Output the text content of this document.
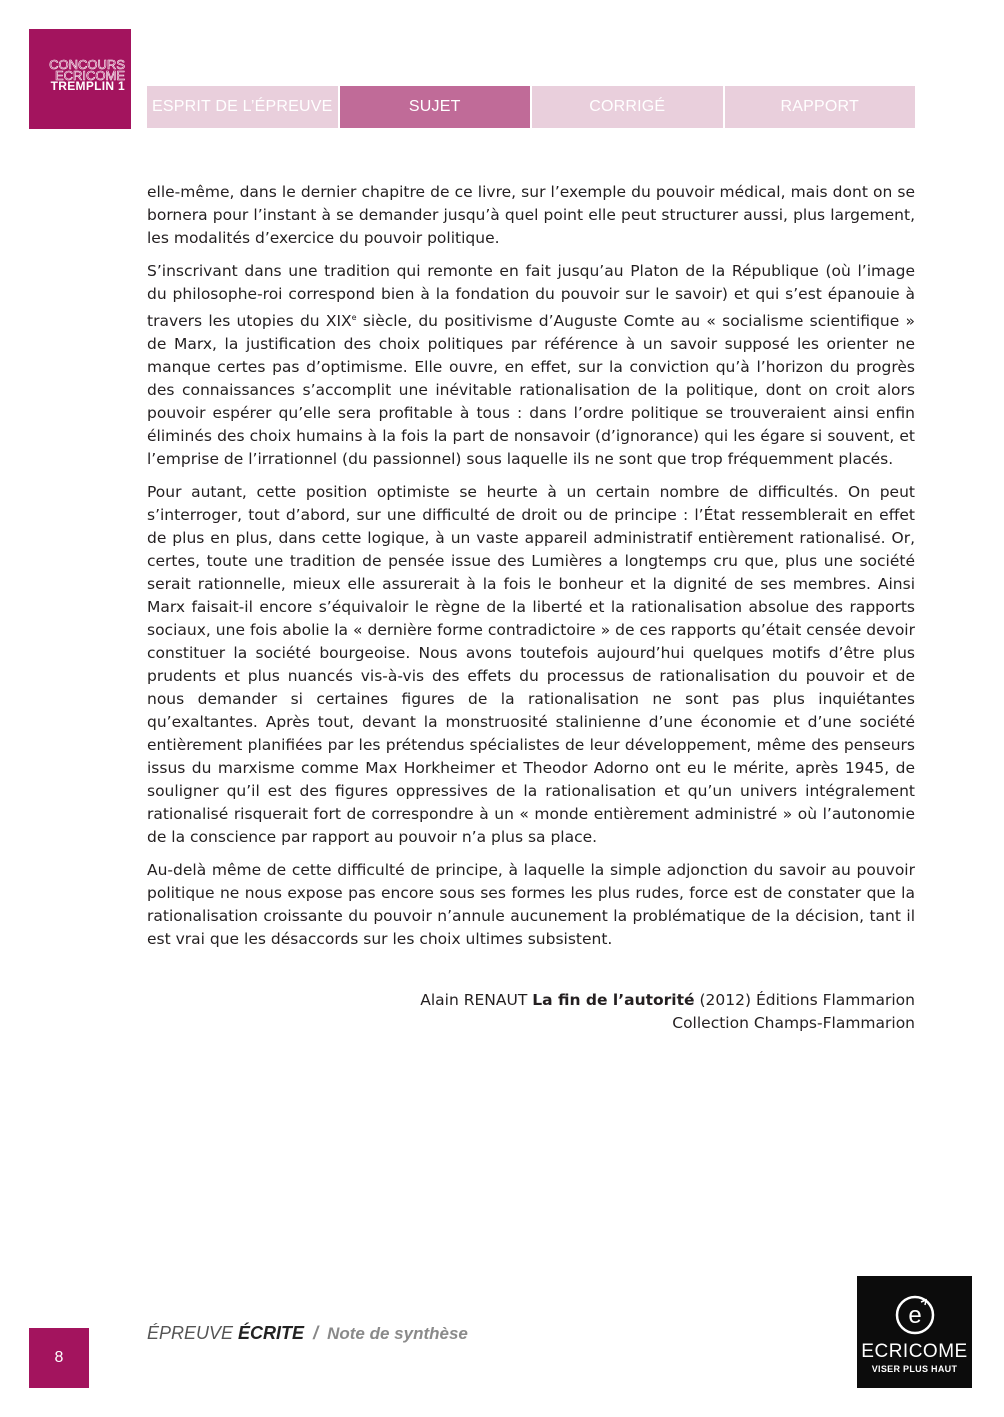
CONCOURS
ECRICOME
TREMPLIN 1
ESPRIT DE L’ÉPREUVE	SUJET	CORRIGÉ	RAPPORT

elle-même, dans le dernier chapitre de ce livre, sur l’exemple du pouvoir médical, mais dont on se bornera pour l’instant à se demander jusqu’à quel point elle peut structurer aussi, plus largement, les modalités d’exercice du pouvoir politique.

S’inscrivant dans une tradition qui remonte en fait jusqu’au Platon de la République (où l’image du philosophe-roi correspond bien à la fondation du pouvoir sur le savoir) et qui s’est épanouie à travers les utopies du XIXe siècle, du positivisme d’Auguste Comte au « socialisme scientifique » de Marx, la justification des choix politiques par référence à un savoir supposé les orienter ne manque certes pas d’optimisme. Elle ouvre, en effet, sur la conviction qu’à l’horizon du progrès des connaissances s’accomplit une inévitable rationalisation de la politique, dont on croit alors pouvoir espérer qu’elle sera profitable à tous : dans l’ordre politique se trouveraient ainsi enfin éliminés des choix humains à la fois la part de nonsavoir (d’ignorance) qui les égare si souvent, et l’emprise de l’irrationnel (du passionnel) sous laquelle ils ne sont que trop fréquemment placés.

Pour autant, cette position optimiste se heurte à un certain nombre de difficultés. On peut s’interroger, tout d’abord, sur une difficulté de droit ou de principe : l’État ressemblerait en effet de plus en plus, dans cette logique, à un vaste appareil administratif entièrement rationalisé. Or, certes, toute une tradition de pensée issue des Lumières a longtemps cru que, plus une société serait rationnelle, mieux elle assurerait à la fois le bonheur et la dignité de ses membres. Ainsi Marx faisait-il encore s’équivaloir le règne de la liberté et la rationalisation absolue des rapports sociaux, une fois abolie la « dernière forme contradictoire » de ces rapports qu’était censée devoir constituer la société bourgeoise. Nous avons toutefois aujourd’hui quelques motifs d’être plus prudents et plus nuancés vis-à-vis des effets du processus de rationalisation du pouvoir et de nous demander si certaines figures de la rationalisation ne sont pas plus inquiétantes qu’exaltantes. Après tout, devant la monstruosité stalinienne d’une économie et d’une société entièrement planifiées par les prétendus spécialistes de leur développement, même des penseurs issus du marxisme comme Max Horkheimer et Theodor Adorno ont eu le mérite, après 1945, de souligner qu’il est des figures oppressives de la rationalisation et qu’un univers intégralement rationalisé risquerait fort de correspondre à un « monde entièrement administré » où l’autonomie de la conscience par rapport au pouvoir n’a plus sa place.

Au-delà même de cette difficulté de principe, à laquelle la simple adjonction du savoir au pouvoir politique ne nous expose pas encore sous ses formes les plus rudes, force est de constater que la rationalisation croissante du pouvoir n’annule aucunement la problématique de la décision, tant il est vrai que les désaccords sur les choix ultimes subsistent.

Alain RENAUT La fin de l’autorité (2012) Éditions Flammarion
Collection Champs-Flammarion
8
ÉPREUVE ÉCRITE / Note de synthèse
e
ECRICOME
VISER PLUS HAUT
